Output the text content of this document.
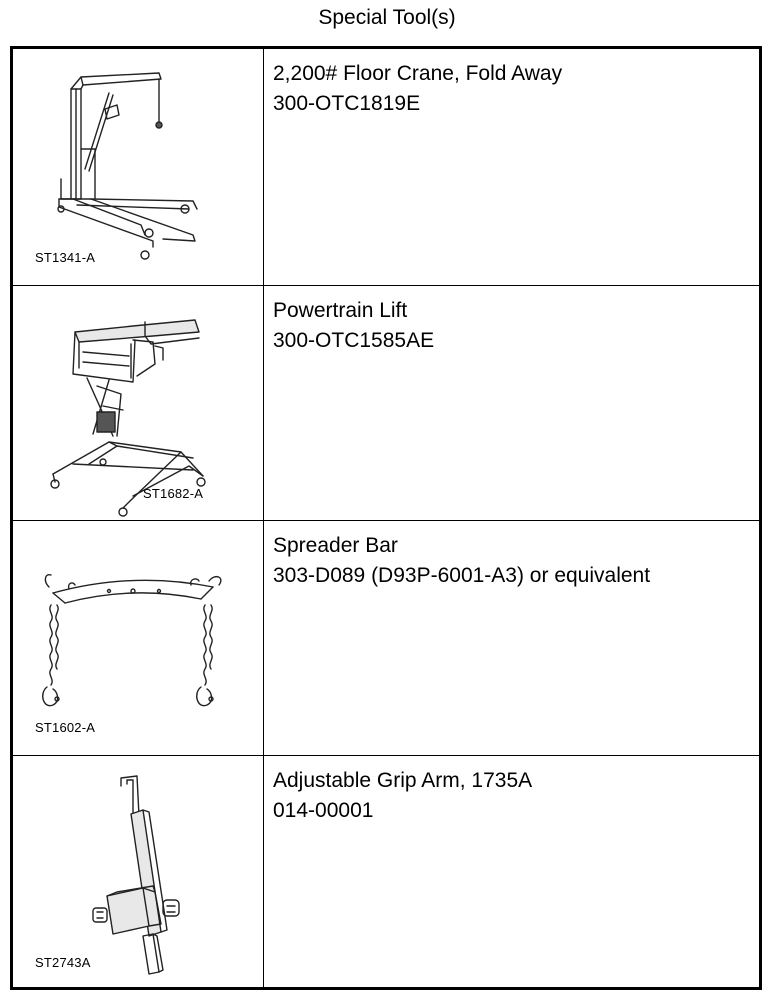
Special Tool(s)
ST1341-A
2,200# Floor Crane, Fold Away
300-OTC1819E
ST1682-A
Powertrain Lift
300-OTC1585AE
ST1602-A
Spreader Bar
303-D089 (D93P-6001-A3) or equivalent
ST2743A
Adjustable Grip Arm, 1735A
014-00001
